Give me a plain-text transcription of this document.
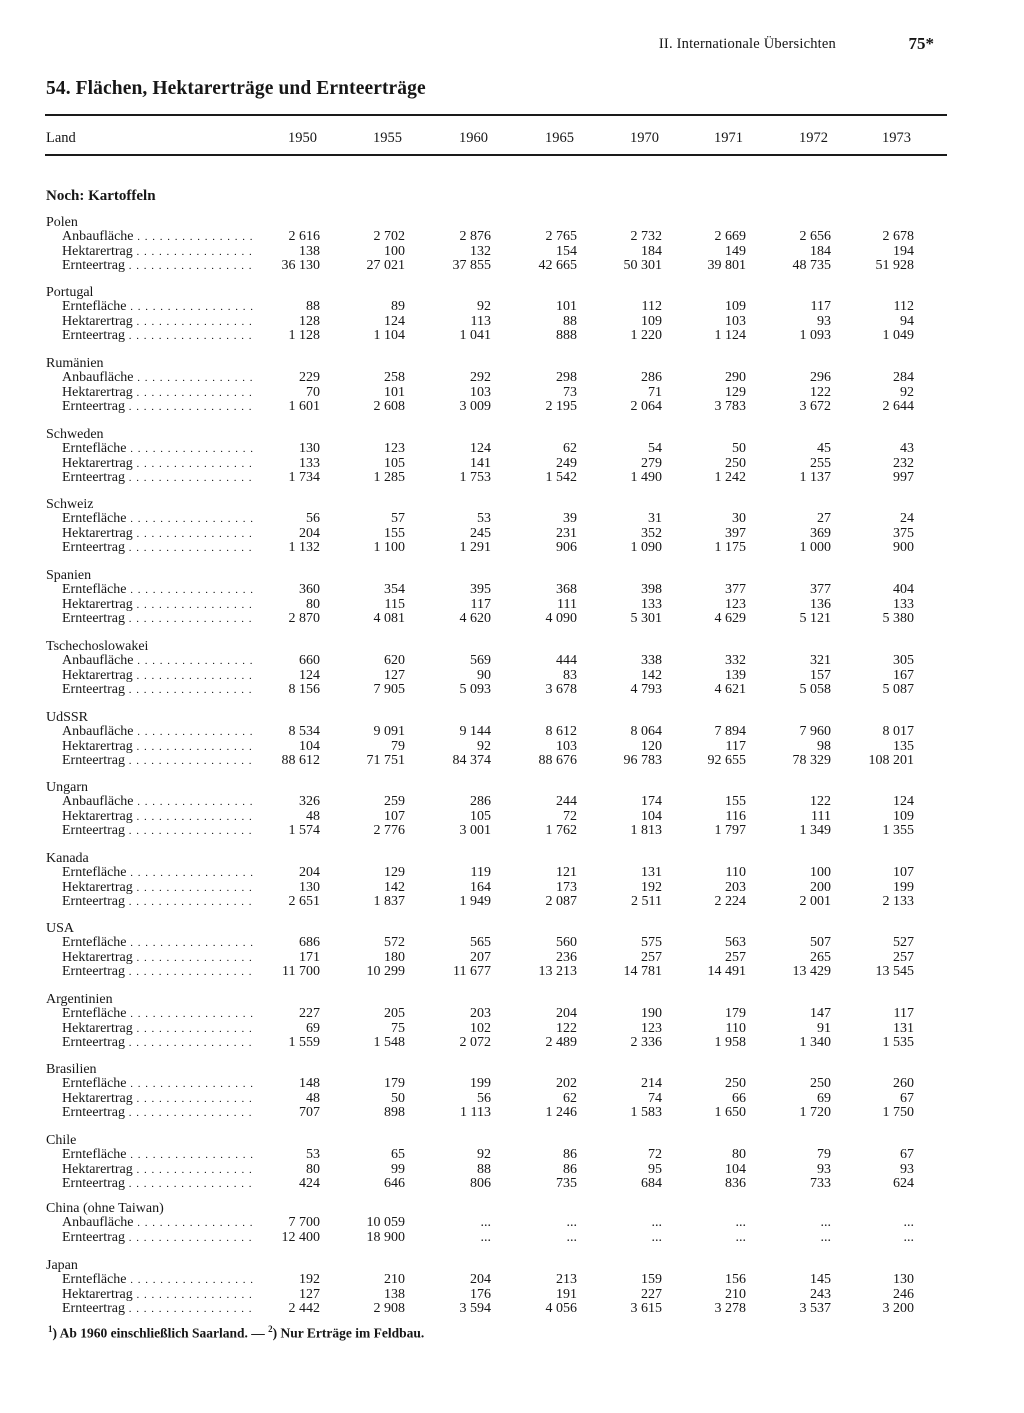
II. Internationale Übersichten	75*
54. Flächen, Hektarerträge und Ernteerträge
Land	1950	1955	1960	1965	1970	1971	1972	1973
Noch: Kartoffeln
Polen
Anbaufläche . . .	2 616	2 702	2 876	2 765	2 732	2 669	2 656	2 678
Hektarertrag . . .	138	100	132	154	184	149	184	194
Ernteertrag . . .	36 130	27 021	37 855	42 665	50 301	39 801	48 735	51 928
Portugal
Erntefläche . . .	88	89	92	101	112	109	117	112
Hektarertrag . . .	128	124	113	88	109	103	93	94
Ernteertrag . . .	1 128	1 104	1 041	888	1 220	1 124	1 093	1 049
Rumänien
Anbaufläche . . .	229	258	292	298	286	290	296	284
Hektarertrag . . .	70	101	103	73	71	129	122	92
Ernteertrag . . .	1 601	2 608	3 009	2 195	2 064	3 783	3 672	2 644
Schweden
Erntefläche . . .	130	123	124	62	54	50	45	43
Hektarertrag . . .	133	105	141	249	279	250	255	232
Ernteertrag . . .	1 734	1 285	1 753	1 542	1 490	1 242	1 137	997
Schweiz
Erntefläche . . .	56	57	53	39	31	30	27	24
Hektarertrag . . .	204	155	245	231	352	397	369	375
Ernteertrag . . .	1 132	1 100	1 291	906	1 090	1 175	1 000	900
Spanien
Erntefläche . . .	360	354	395	368	398	377	377	404
Hektarertrag . . .	80	115	117	111	133	123	136	133
Ernteertrag . . .	2 870	4 081	4 620	4 090	5 301	4 629	5 121	5 380
Tschechoslowakei
Anbaufläche . . .	660	620	569	444	338	332	321	305
Hektarertrag . . .	124	127	90	83	142	139	157	167
Ernteertrag . . .	8 156	7 905	5 093	3 678	4 793	4 621	5 058	5 087
UdSSR
Anbaufläche . . .	8 534	9 091	9 144	8 612	8 064	7 894	7 960	8 017
Hektarertrag . . .	104	79	92	103	120	117	98	135
Ernteertrag . . .	88 612	71 751	84 374	88 676	96 783	92 655	78 329	108 201
Ungarn
Anbaufläche . . .	326	259	286	244	174	155	122	124
Hektarertrag . . .	48	107	105	72	104	116	111	109
Ernteertrag . . .	1 574	2 776	3 001	1 762	1 813	1 797	1 349	1 355
Kanada
Erntefläche . . .	204	129	119	121	131	110	100	107
Hektarertrag . . .	130	142	164	173	192	203	200	199
Ernteertrag . . .	2 651	1 837	1 949	2 087	2 511	2 224	2 001	2 133
USA
Erntefläche . . .	686	572	565	560	575	563	507	527
Hektarertrag . . .	171	180	207	236	257	257	265	257
Ernteertrag . . .	11 700	10 299	11 677	13 213	14 781	14 491	13 429	13 545
Argentinien
Erntefläche . . .	227	205	203	204	190	179	147	117
Hektarertrag . . .	69	75	102	122	123	110	91	131
Ernteertrag . . .	1 559	1 548	2 072	2 489	2 336	1 958	1 340	1 535
Brasilien
Erntefläche . . .	148	179	199	202	214	250	250	260
Hektarertrag . . .	48	50	56	62	74	66	69	67
Ernteertrag . . .	707	898	1 113	1 246	1 583	1 650	1 720	1 750
Chile
Erntefläche . . .	53	65	92	86	72	80	79	67
Hektarertrag . . .	80	99	88	86	95	104	93	93
Ernteertrag . . .	424	646	806	735	684	836	733	624
China (ohne Taiwan)
Anbaufläche . . .	7 700	10 059	...	...	...	...	...	...
Ernteertrag . . .	12 400	18 900	...	...	...	...	...	...
Japan
Erntefläche . . .	192	210	204	213	159	156	145	130
Hektarertrag . . .	127	138	176	191	227	210	243	246
Ernteertrag . . .	2 442	2 908	3 594	4 056	3 615	3 278	3 537	3 200
$^1$) Ab 1960 einschließlich Saarland. — $^2$) Nur Erträge im Feldbau.
